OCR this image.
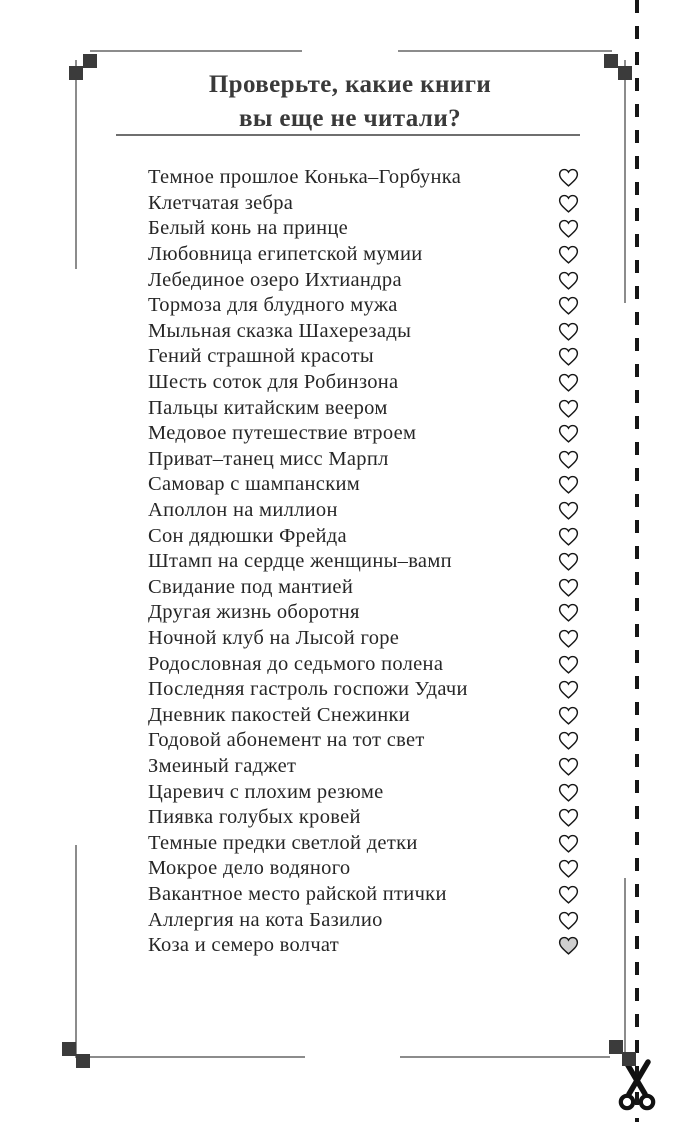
Проверьте, какие книги
вы еще не читали?
Темное прошлое Конька–Горбунка
Клетчатая зебра
Белый конь на принце
Любовница египетской мумии
Лебединое озеро Ихтиандра
Тормоза для блудного мужа
Мыльная сказка Шахерезады
Гений страшной красоты
Шесть соток для Робинзона
Пальцы китайским веером
Медовое путешествие втроем
Приват–танец мисс Марпл
Самовар с шампанским
Аполлон на миллион
Сон дядюшки Фрейда
Штамп на сердце женщины–вамп
Свидание под мантией
Другая жизнь оборотня
Ночной клуб на Лысой горе
Родословная до седьмого полена
Последняя гастроль госпожи Удачи
Дневник пакостей Снежинки
Годовой абонемент на тот свет
Змеиный гаджет
Царевич с плохим резюме
Пиявка голубых кровей
Темные предки светлой детки
Мокрое дело водяного
Вакантное место райской птички
Аллергия на кота Базилио
Коза и семеро волчат
